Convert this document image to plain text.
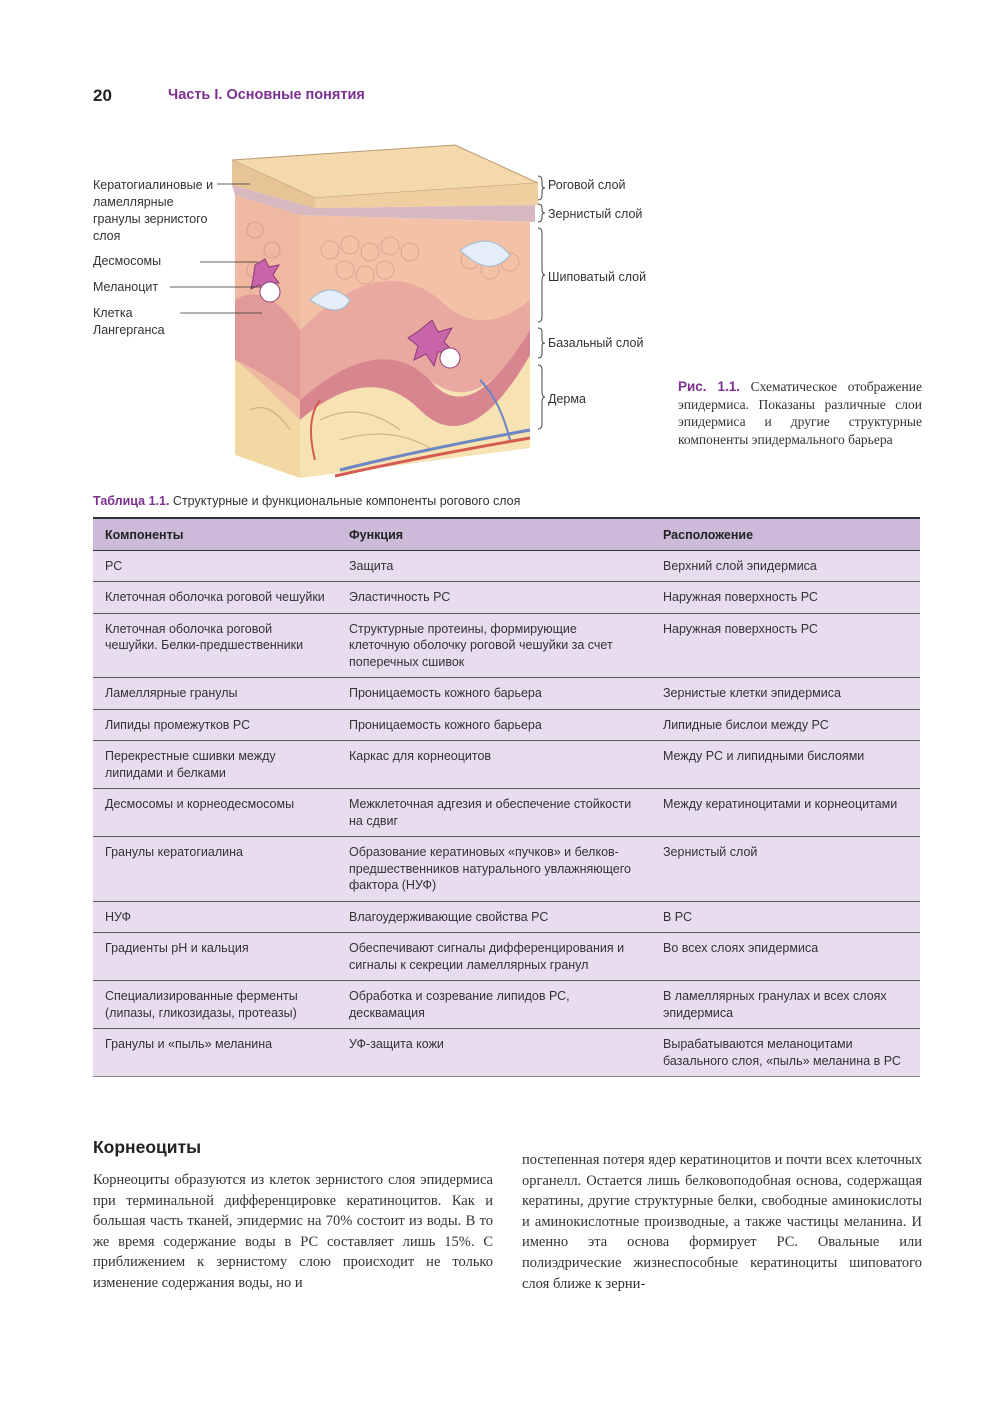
20	Часть I. Основные понятия
Кератогиалиновые и ламеллярные гранулы зернистого слоя
Десмосомы
Меланоцит
Клетка Лангерганса
Роговой слой
Зернистый слой
Шиповатый слой
Базальный слой
Дерма
Рис. 1.1. Схематическое отображение эпидермиса. Показаны различные слои эпидермиса и другие структурные компоненты эпидермального барьера
Таблица 1.1. Структурные и функциональные компоненты рогового слоя
Компоненты	Функция	Расположение
РС	Защита	Верхний слой эпидермиса
Клеточная оболочка роговой чешуйки	Эластичность РС	Наружная поверхность РС
Клеточная оболочка роговой чешуйки. Белки-предшественники	Структурные протеины, формирующие клеточную оболочку роговой чешуйки за счет поперечных сшивок	Наружная поверхность РС
Ламеллярные гранулы	Проницаемость кожного барьера	Зернистые клетки эпидермиса
Липиды промежутков РС	Проницаемость кожного барьера	Липидные бислои между РС
Перекрестные сшивки между липидами и белками	Каркас для корнеоцитов	Между РС и липидными бислоями
Десмосомы и корнеодесмосомы	Межклеточная адгезия и обеспечение стойкости на сдвиг	Между кератиноцитами и корнеоцитами
Гранулы кератогиалина	Образование кератиновых «пучков» и белков-предшественников натурального увлажняющего фактора (НУФ)	Зернистый слой
НУФ	Влагоудерживающие свойства РС	В РС
Градиенты pH и кальция	Обеспечивают сигналы дифференцирования и сигналы к секреции ламеллярных гранул	Во всех слоях эпидермиса
Специализированные ферменты (липазы, гликозидазы, протеазы)	Обработка и созревание липидов РС, десквамация	В ламеллярных гранулах и всех слоях эпидермиса
Гранулы и «пыль» меланина	УФ-защита кожи	Вырабатываются меланоцитами базального слоя, «пыль» меланина в РС
Корнеоциты
Корнеоциты образуются из клеток зернистого слоя эпидермиса при терминальной дифференцировке кератиноцитов. Как и большая часть тканей, эпидермис на 70% состоит из воды. В то же время содержание воды в РС составляет лишь 15%. С приближением к зернистому слою происходит не только изменение содержания воды, но и
постепенная потеря ядер кератиноцитов и почти всех клеточных органелл. Остается лишь белковоподобная основа, содержащая кератины, другие структурные белки, свободные аминокислоты и аминокислотные производные, а также частицы меланина. И именно эта основа формирует РС. Овальные или полиэдрические жизнеспособные кератиноциты шиповатого слоя ближе к зерни-
